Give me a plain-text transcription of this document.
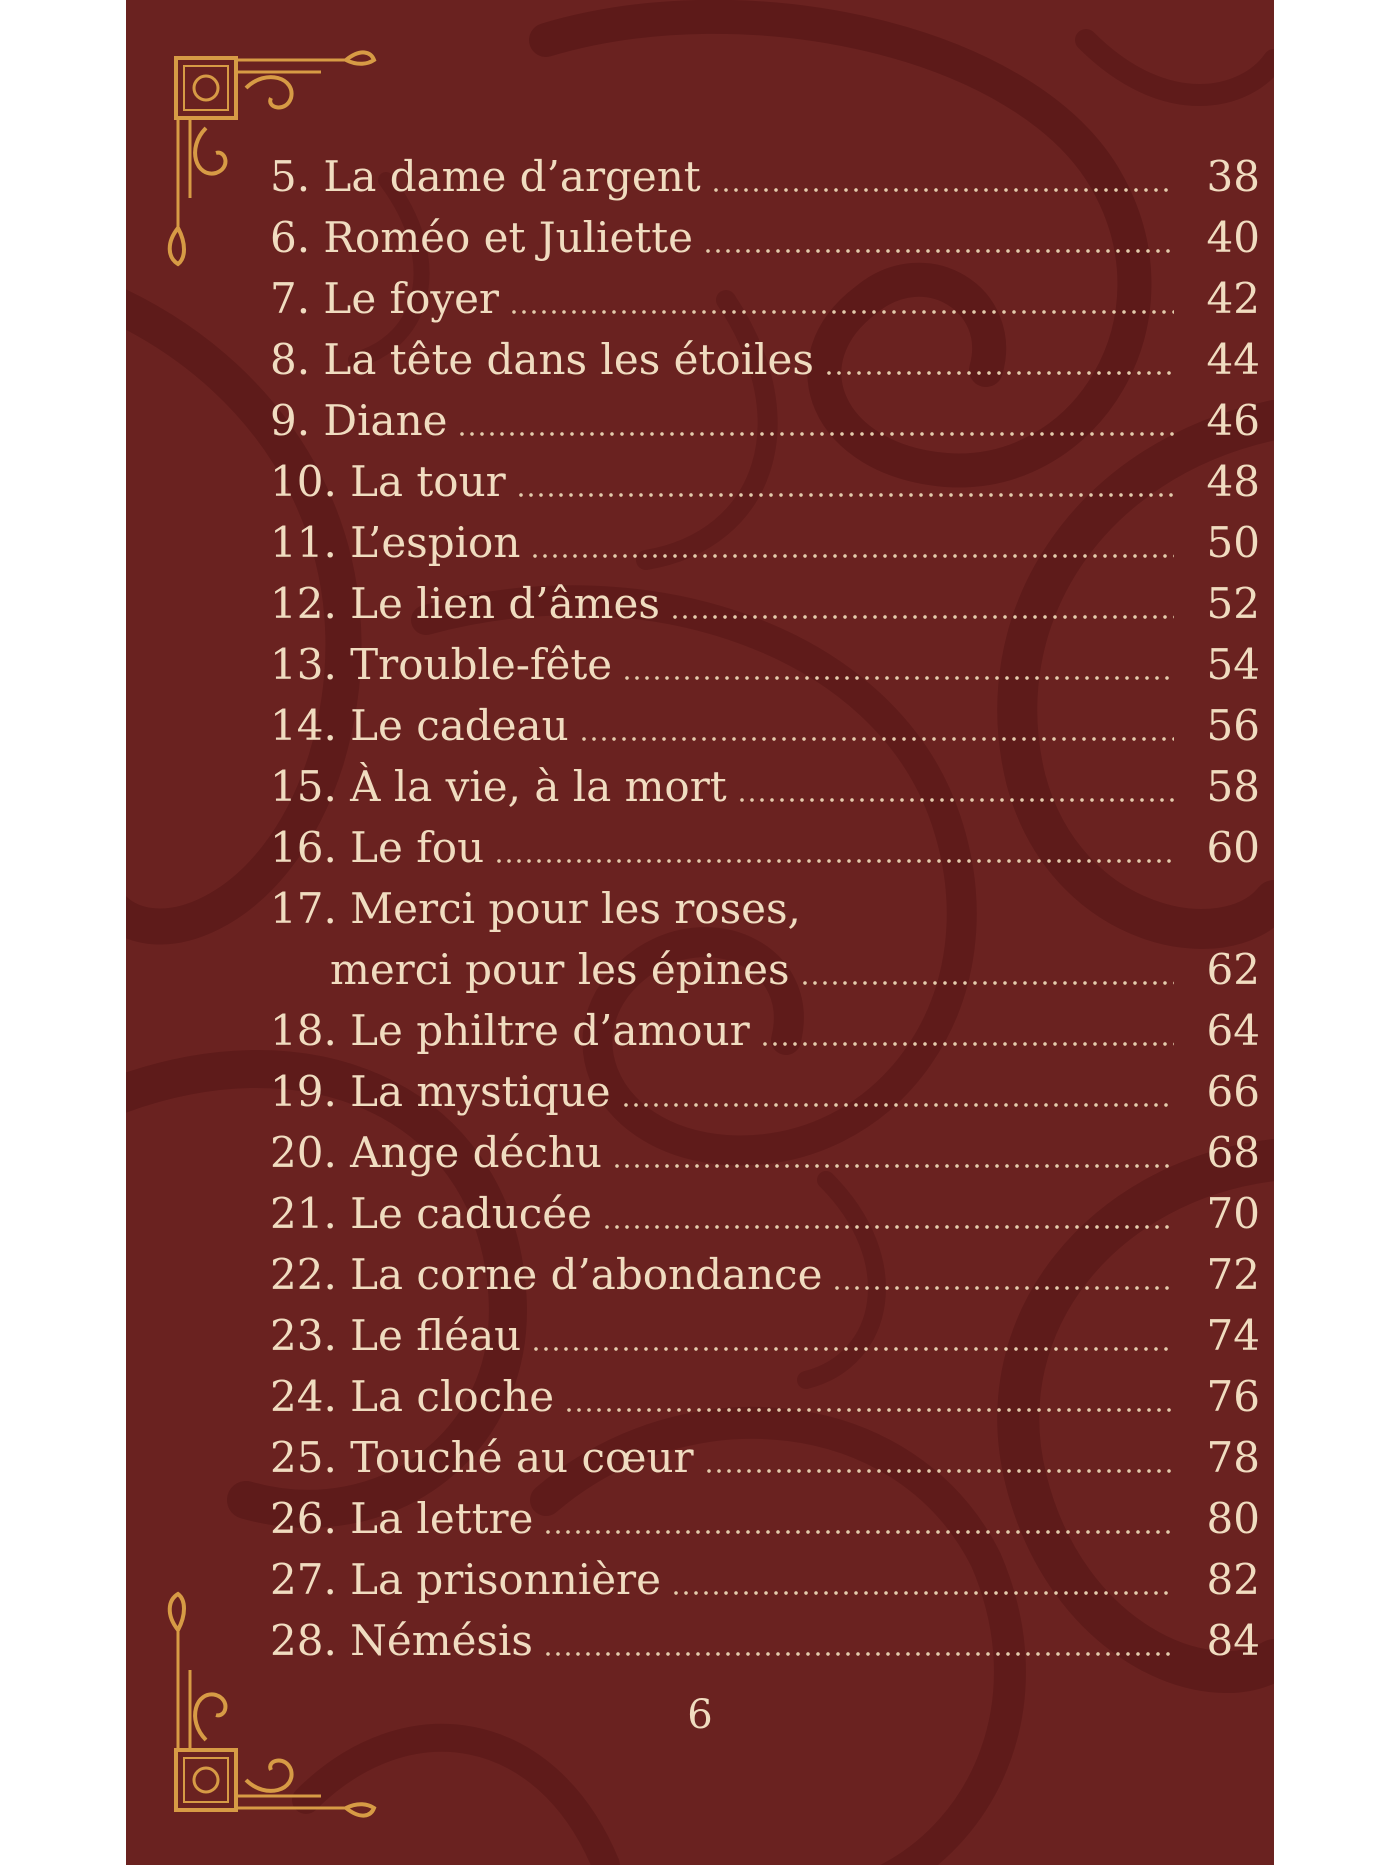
5. La dame d’argent	38
6. Roméo et Juliette	40
7. Le foyer	42
8. La tête dans les étoiles	44
9. Diane	46
10. La tour	48
11. L’espion	50
12. Le lien d’âmes	52
13. Trouble-fête	54
14. Le cadeau	56
15. À la vie, à la mort	58
16. Le fou	60
17. Merci pour les roses,
merci pour les épines	62
18. Le philtre d’amour	64
19. La mystique	66
20. Ange déchu	68
21. Le caducée	70
22. La corne d’abondance	72
23. Le fléau	74
24. La cloche	76
25. Touché au cœur	78
26. La lettre	80
27. La prisonnière	82
28. Némésis	84
6
